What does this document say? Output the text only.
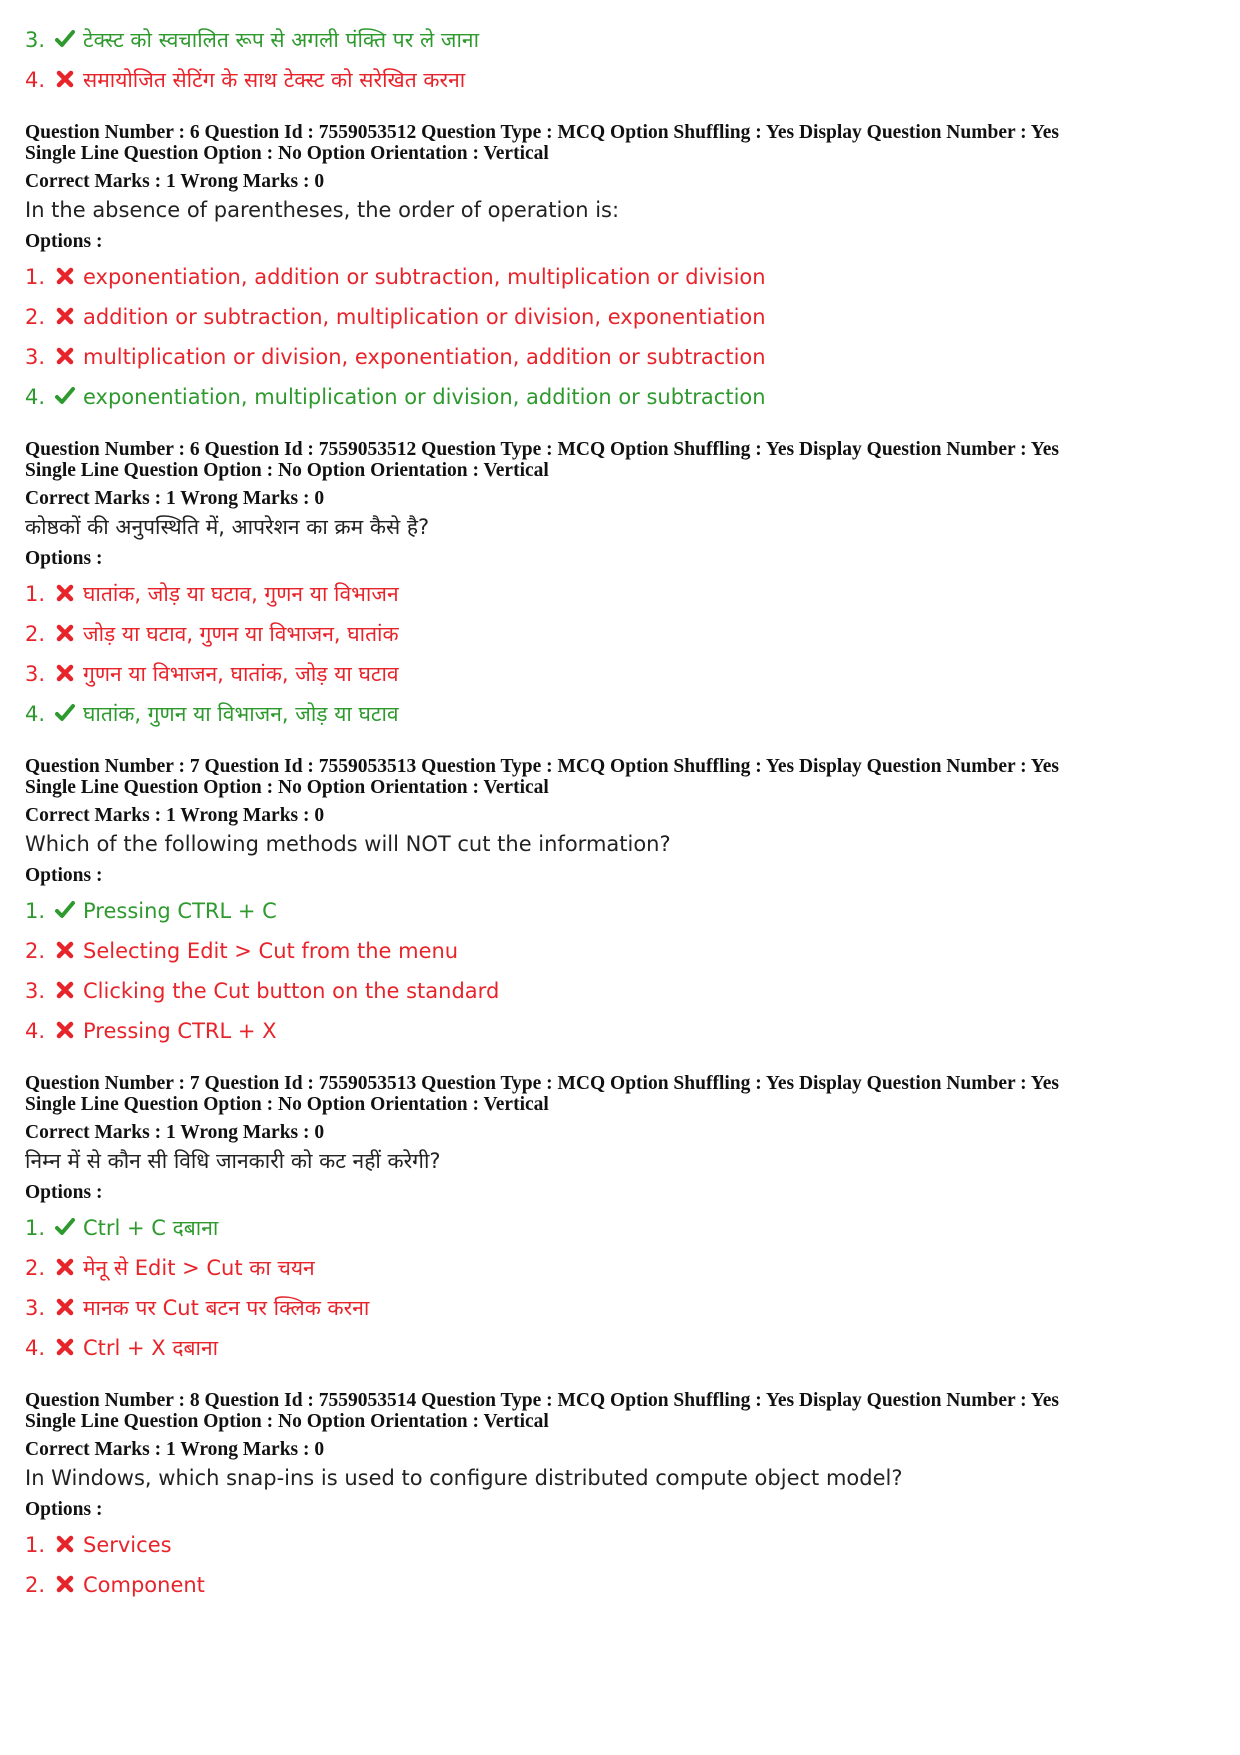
3.	टेक्स्ट को स्वचालित रूप से अगली पंक्ति पर ले जाना
4.	समायोजित सेटिंग के साथ टेक्स्ट को सरेखित करना
Question Number : 6 Question Id : 7559053512 Question Type : MCQ Option Shuffling : Yes Display Question Number : Yes
Single Line Question Option : No Option Orientation : Vertical
Correct Marks : 1 Wrong Marks : 0
In the absence of parentheses, the order of operation is:
Options :
1.	exponentiation, addition or subtraction, multiplication or division
2.	addition or subtraction, multiplication or division, exponentiation
3.	multiplication or division, exponentiation, addition or subtraction
4.	exponentiation, multiplication or division, addition or subtraction
Question Number : 6 Question Id : 7559053512 Question Type : MCQ Option Shuffling : Yes Display Question Number : Yes
Single Line Question Option : No Option Orientation : Vertical
Correct Marks : 1 Wrong Marks : 0
कोष्ठकों की अनुपस्थिति में, आपरेशन का क्रम कैसे है?
Options :
1.	घातांक, जोड़ या घटाव, गुणन या विभाजन
2.	जोड़ या घटाव, गुणन या विभाजन, घातांक
3.	गुणन या विभाजन, घातांक, जोड़ या घटाव
4.	घातांक, गुणन या विभाजन, जोड़ या घटाव
Question Number : 7 Question Id : 7559053513 Question Type : MCQ Option Shuffling : Yes Display Question Number : Yes
Single Line Question Option : No Option Orientation : Vertical
Correct Marks : 1 Wrong Marks : 0
Which of the following methods will NOT cut the information?
Options :
1.	Pressing CTRL + C
2.	Selecting Edit > Cut from the menu
3.	Clicking the Cut button on the standard
4.	Pressing CTRL + X
Question Number : 7 Question Id : 7559053513 Question Type : MCQ Option Shuffling : Yes Display Question Number : Yes
Single Line Question Option : No Option Orientation : Vertical
Correct Marks : 1 Wrong Marks : 0
निम्न में से कौन सी विधि जानकारी को कट नहीं करेगी?
Options :
1.	Ctrl + C दबाना
2.	मेनू से Edit > Cut का चयन
3.	मानक पर Cut बटन पर क्लिक करना
4.	Ctrl + X दबाना
Question Number : 8 Question Id : 7559053514 Question Type : MCQ Option Shuffling : Yes Display Question Number : Yes
Single Line Question Option : No Option Orientation : Vertical
Correct Marks : 1 Wrong Marks : 0
In Windows, which snap-ins is used to configure distributed compute object model?
Options :
1.	Services
2.	Component
